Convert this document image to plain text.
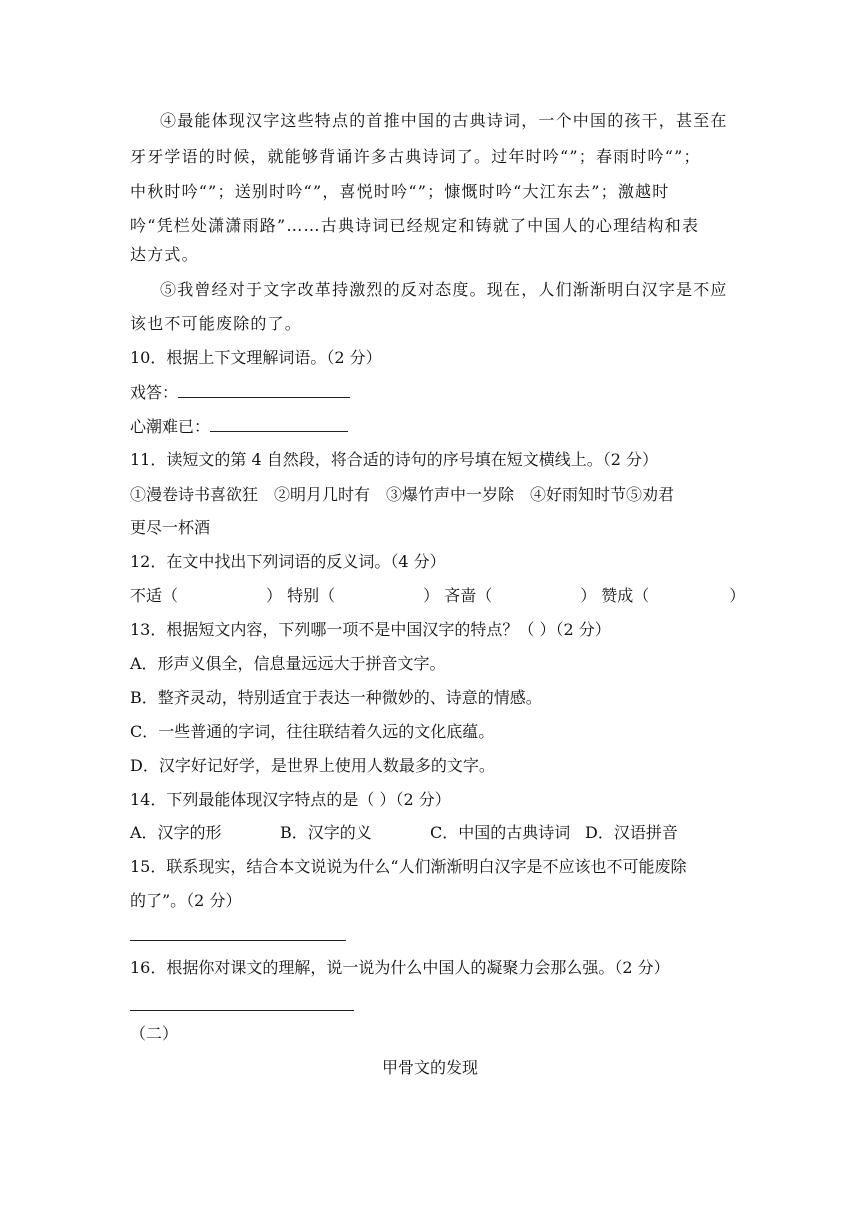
④最能体现汉字这些特点的首推中国的古典诗词，一个中国的孩干，甚至在
牙牙学语的时候，就能够背诵许多古典诗词了。过年时吟“”；春雨时吟“”；
中秋时吟“”；送别时吟“”，喜悦时吟“”；慷慨时吟“大江东去”；激越时
吟“凭栏处潇潇雨路”……古典诗词已经规定和铸就了中国人的心理结构和表
达方式。
⑤我曾经对于文字改革持激烈的反对态度。现在，人们渐渐明白汉字是不应
该也不可能废除的了。
10．根据上下文理解词语。（2 分）
戏答：
心潮难已：
11．读短文的第 4 自然段，将合适的诗句的序号填在短文横线上。（2 分）
①漫卷诗书喜欲狂　②明月几时有　③爆竹声中一岁除　④好雨知时节⑤劝君
更尽一杯酒
12．在文中找出下列词语的反义词。（4 分）
不适（	） 特别（	） 吝啬（	） 赞成（	）
13．根据短文内容，下列哪一项不是中国汉字的特点？（ ）（2 分）
A．形声义俱全，信息量远远大于拼音文字。
B．整齐灵动，特别适宜于表达一种微妙的、诗意的情感。
C．一些普通的字词，往往联结着久远的文化底蕴。
D．汉字好记好学，是世界上使用人数最多的文字。
14．下列最能体现汉字特点的是（ ）（2 分）
A．汉字的形	B．汉字的义	C．中国的古典诗词 D．汉语拼音
15．联系现实，结合本文说说为什么“人们渐渐明白汉字是不应该也不可能废除
的了”。（2 分）
16．根据你对课文的理解，说一说为什么中国人的凝聚力会那么强。（2 分）
（二）
甲骨文的发现
